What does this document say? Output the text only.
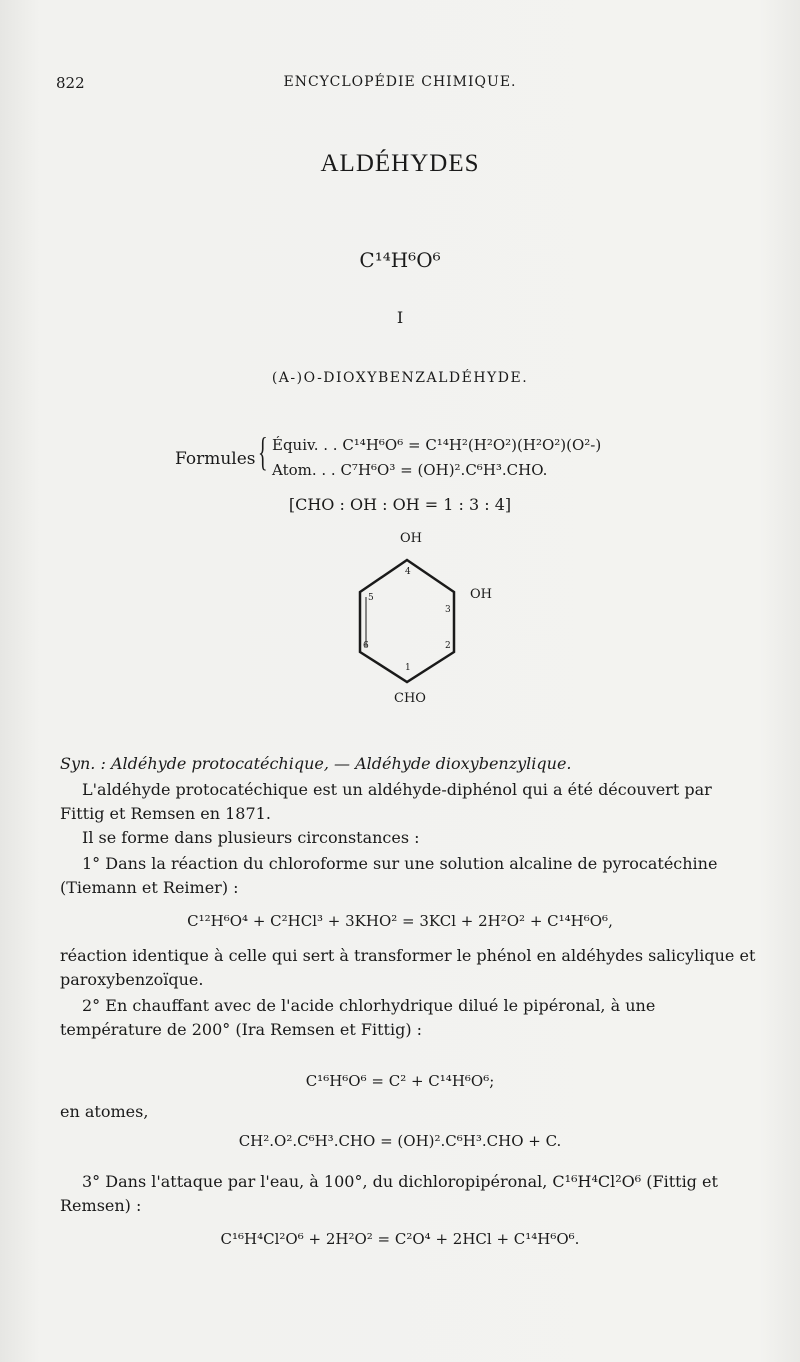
822	ENCYCLOPÉDIE CHIMIQUE.
ALDÉHYDES
C¹⁴H⁶O⁶
I
(A-)O-DIOXYBENZALDÉHYDE.
Formules { Équiv. . . C¹⁴H⁶O⁶ = C¹⁴H²(H²O²)(H²O²)(O²-)
Atom. . . C⁷H⁶O³ = (OH)².C⁶H³.CHO.
[CHO : OH : OH = 1 : 3 : 4]
OH
4
3
2
1
6
5	OH
CHO
Syn. : Aldéhyde protocatéchique, — Aldéhyde dioxybenzylique.
L'aldéhyde protocatéchique est un aldéhyde-diphénol qui a été découvert par Fittig et Remsen en 1871.
Il se forme dans plusieurs circonstances :
1° Dans la réaction du chloroforme sur une solution alcaline de pyrocatéchine (Tiemann et Reimer) :
C¹²H⁶O⁴ + C²HCl³ + 3KHO² = 3KCl + 2H²O² + C¹⁴H⁶O⁶,
réaction identique à celle qui sert à transformer le phénol en aldéhydes salicylique et paroxybenzoïque.
2° En chauffant avec de l'acide chlorhydrique dilué le pipéronal, à une température de 200° (Ira Remsen et Fittig) :
C¹⁶H⁶O⁶ = C² + C¹⁴H⁶O⁶;
en atomes,
CH².O².C⁶H³.CHO = (OH)².C⁶H³.CHO + C.
3° Dans l'attaque par l'eau, à 100°, du dichloropipéronal, C¹⁶H⁴Cl²O⁶ (Fittig et Remsen) :
C¹⁶H⁴Cl²O⁶ + 2H²O² = C²O⁴ + 2HCl + C¹⁴H⁶O⁶.
